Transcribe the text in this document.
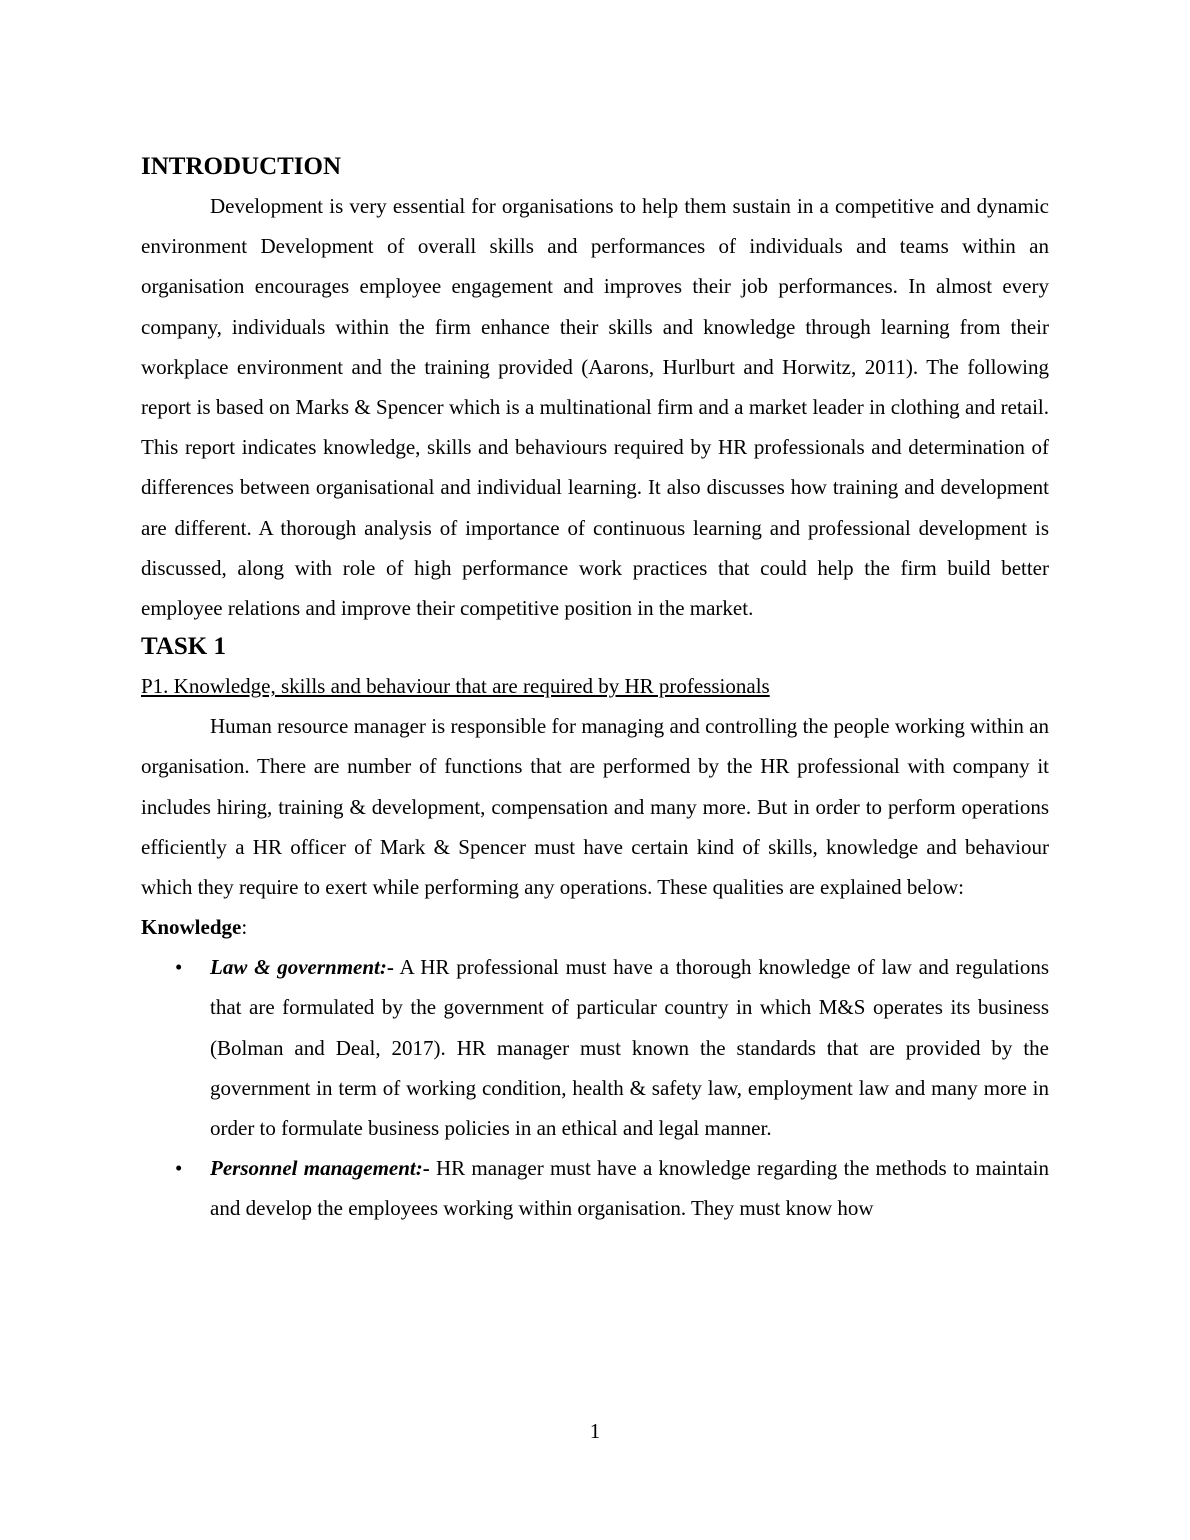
INTRODUCTION

Development is very essential for organisations to help them sustain in a competitive and dynamic environment Development of overall skills and performances of individuals and teams within an organisation encourages employee engagement and improves their job performances. In almost every company, individuals within the firm enhance their skills and knowledge through learning from their workplace environment and the training provided (Aarons, Hurlburt and Horwitz, 2011). The following report is based on Marks & Spencer which is a multinational firm and a market leader in clothing and retail. This report indicates knowledge, skills and behaviours required by HR professionals and determination of differences between organisational and individual learning. It also discusses how training and development are different. A thorough analysis of importance of continuous learning and professional development is discussed, along with role of high performance work practices that could help the firm build better employee relations and improve their competitive position in the market.

TASK 1

P1. Knowledge, skills and behaviour that are required by HR professionals

Human resource manager is responsible for managing and controlling the people working within an organisation. There are number of functions that are performed by the HR professional with company it includes hiring, training & development, compensation and many more. But in order to perform operations efficiently a HR officer of Mark & Spencer must have certain kind of skills, knowledge and behaviour which they require to exert while performing any operations. These qualities are explained below:

Knowledge:

• Law & government:- A HR professional must have a thorough knowledge of law and regulations that are formulated by the government of particular country in which M&S operates its business (Bolman and Deal, 2017). HR manager must known the standards that are provided by the government in term of working condition, health & safety law, employment law and many more in order to formulate business policies in an ethical and legal manner.
• Personnel management:- HR manager must have a knowledge regarding the methods to maintain and develop the employees working within organisation. They must know how
1
